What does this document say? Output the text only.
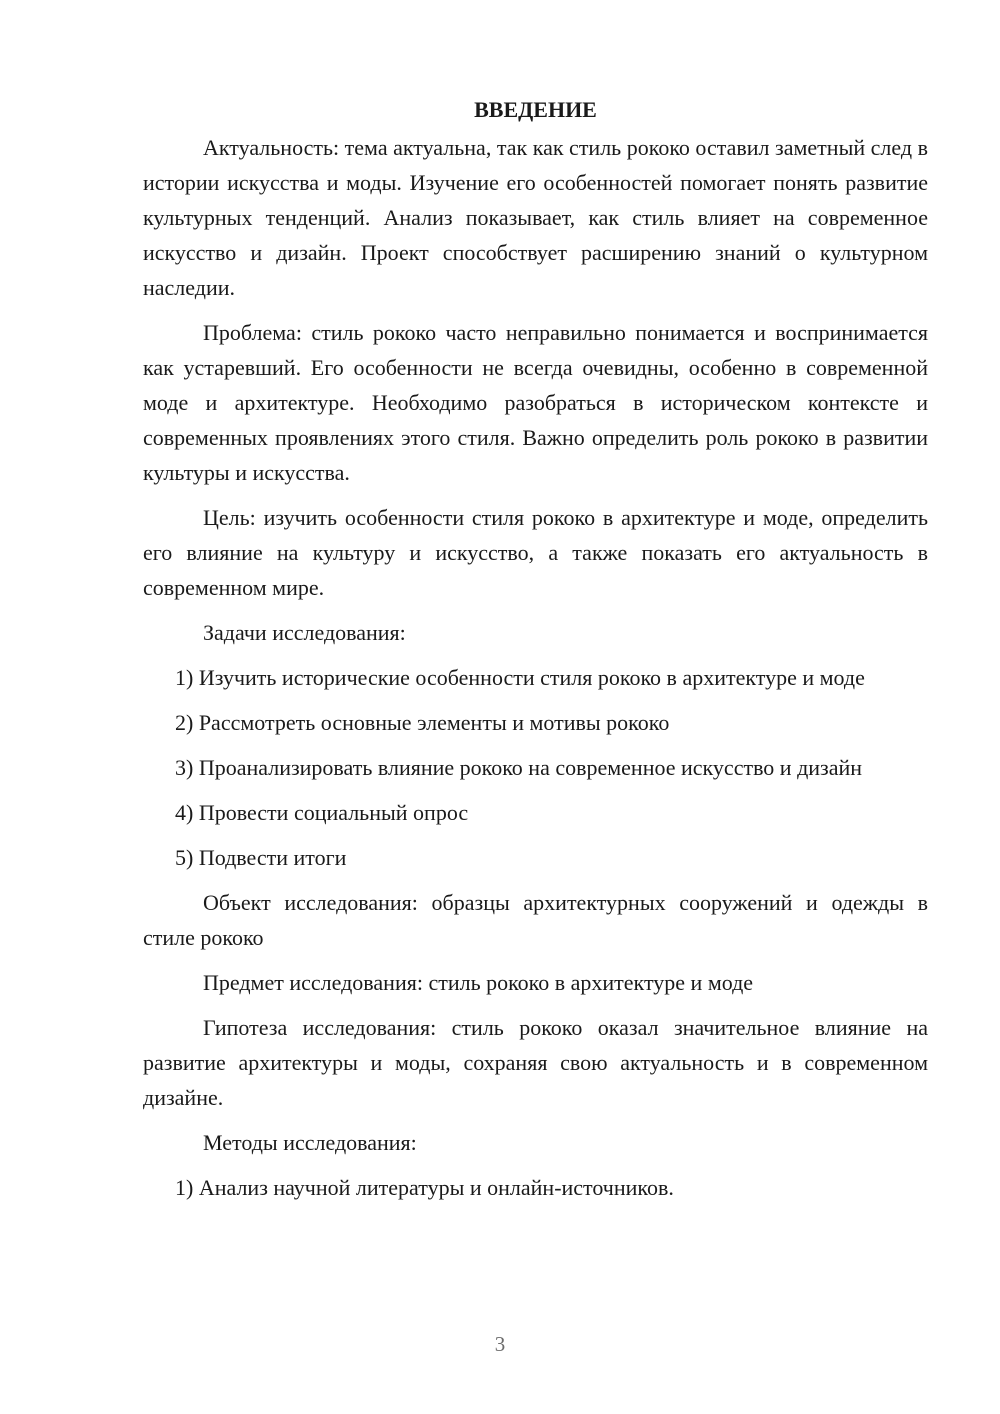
ВВЕДЕНИЕ

Актуальность: тема актуальна, так как стиль рококо оставил заметный след в истории искусства и моды. Изучение его особенностей помогает понять развитие культурных тенденций. Анализ показывает, как стиль влияет на современное искусство и дизайн. Проект способствует расширению знаний о культурном наследии.

Проблема: стиль рококо часто неправильно понимается и воспринимается как устаревший. Его особенности не всегда очевидны, особенно в современной моде и архитектуре. Необходимо разобраться в историческом контексте и современных проявлениях этого стиля. Важно определить роль рококо в развитии культуры и искусства.

Цель: изучить особенности стиля рококо в архитектуре и моде, определить его влияние на культуру и искусство, а также показать его актуальность в современном мире.

Задачи исследования:

1) Изучить исторические особенности стиля рококо в архитектуре и моде

2) Рассмотреть основные элементы и мотивы рококо

3) Проанализировать влияние рококо на современное искусство и дизайн

4) Провести социальный опрос

5) Подвести итоги

Объект исследования: образцы архитектурных сооружений и одежды в стиле рококо

Предмет исследования: стиль рококо в архитектуре и моде

Гипотеза исследования: стиль рококо оказал значительное влияние на развитие архитектуры и моды, сохраняя свою актуальность и в современном дизайне.

Методы исследования:

1) Анализ научной литературы и онлайн-источников.

3
